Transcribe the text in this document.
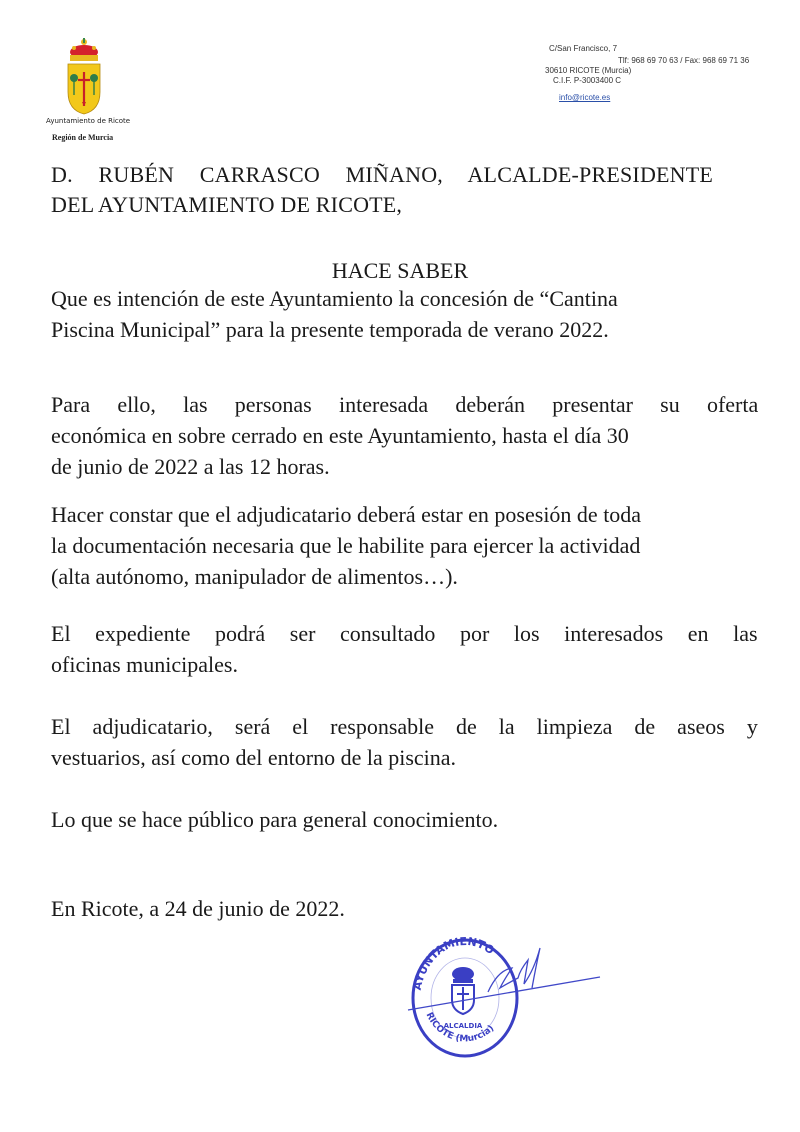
Ayuntamiento de Ricote
Región de Murcia
C/San Francisco, 7
Tlf: 968 69 70 63 / Fax: 968 69 71 36
30610 RICOTE (Murcia)
C.I.F. P-3003400 C
info@ricote.es
D. RUBÉN CARRASCO MIÑANO, ALCALDE-PRESIDENTE
DEL AYUNTAMIENTO DE RICOTE,
HACE SABER
Que es intención de este Ayuntamiento la concesión de “Cantina
Piscina Municipal” para la presente temporada de verano 2022.
Para ello, las personas interesada deberán presentar su oferta
económica en sobre cerrado en este Ayuntamiento, hasta el día 30
de junio de 2022 a las 12 horas.
Hacer constar que el adjudicatario deberá estar en posesión de toda
la documentación necesaria que le habilite para ejercer la actividad
(alta autónomo, manipulador de alimentos…).
El expediente podrá ser consultado por los interesados en las
oficinas municipales.
El adjudicatario, será el responsable de la limpieza de aseos y
vestuarios, así como del entorno de la piscina.
Lo que se hace público para general conocimiento.
En Ricote, a 24 de junio de 2022.
AYUNTAMIENTO
ALCALDIA
RICOTE (Murcia)
